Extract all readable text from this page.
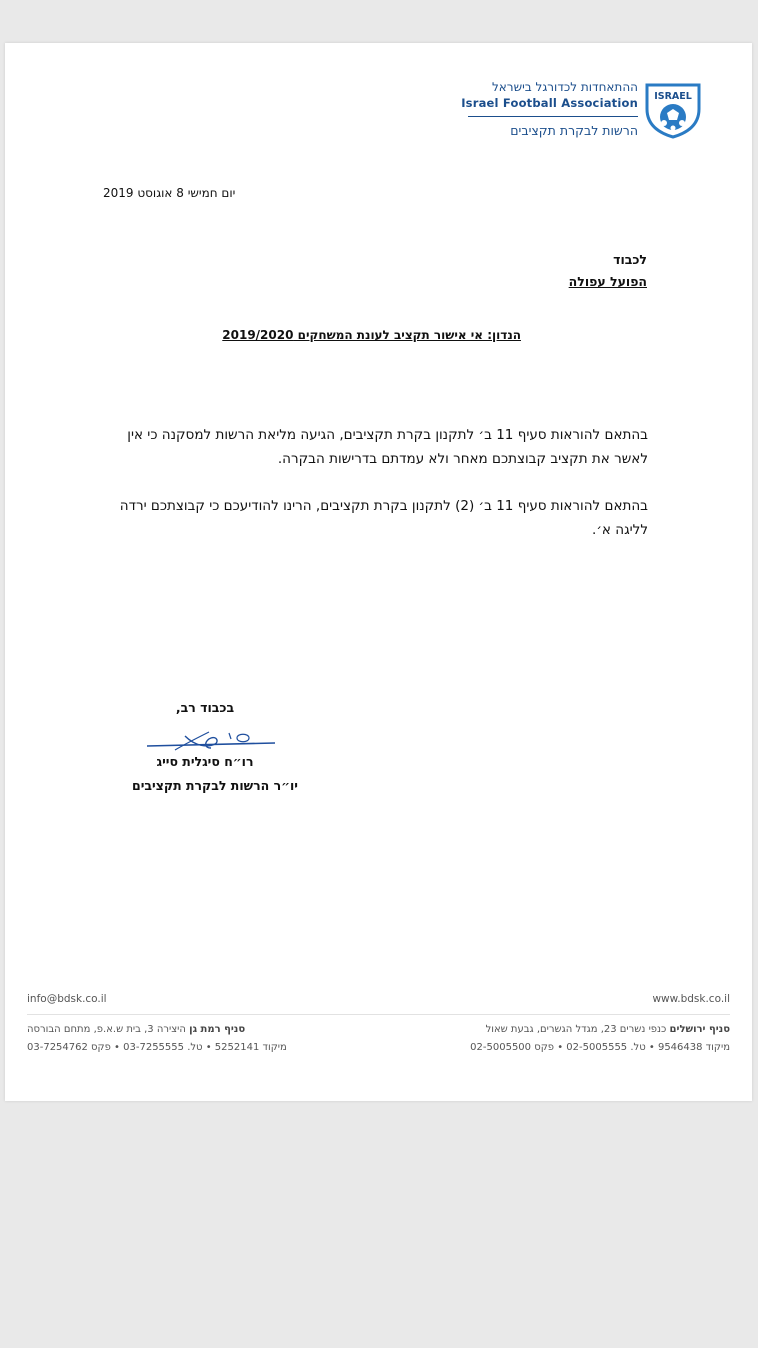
ISRAEL
ההתאחדות לכדורגל בישראל
Israel Football Association
הרשות לבקרת תקציבים
יום חמישי 8 אוגוסט 2019
לכבוד
הפועל עפולה
הנדון: אי אישור תקציב לעונת המשחקים 2019/2020
בהתאם להוראות סעיף 11 ב׳ לתקנון בקרת תקציבים, הגיעה מליאת הרשות למסקנה כי אין לאשר את תקציב קבוצתכם מאחר ולא עמדתם בדרישות הבקרה.
בהתאם להוראות סעיף 11 ב׳ (2) לתקנון בקרת תקציבים, הרינו להודיעכם כי קבוצתכם ירדה לליגה א׳.
בכבוד רב,
רו״ח סיגלית סייג
יו״ר הרשות לבקרת תקציבים
info@bdsk.co.il	www.bdsk.co.il
סניף ירושלים כנפי נשרים 23, מגדל הגשרים, גבעת שאול
מיקוד 9546438 • טל. 02-5005555 • פקס 02-5005500
סניף רמת גן היצירה 3, בית ש.א.פ, מתחם הבורסה
מיקוד 5252141 • טל. 03-7255555 • פקס 03-7254762
